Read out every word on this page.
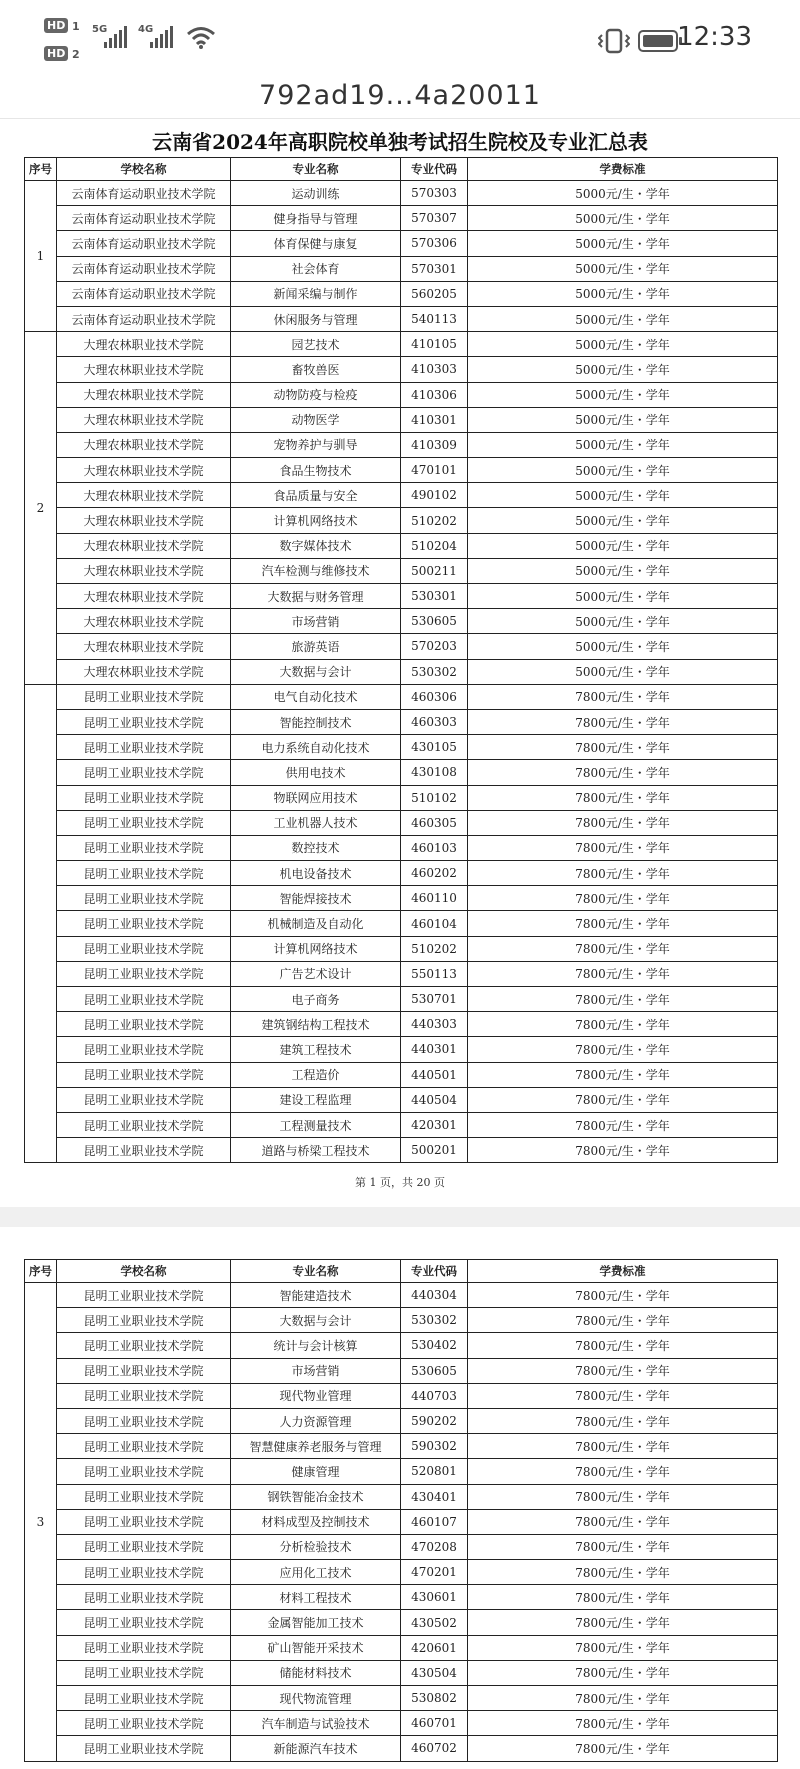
HD 1
HD 2
5G	4G	12:33
792ad19...4a20011
云南省2024年高职院校单独考试招生院校及专业汇总表
序号	学校名称	专业名称	专业代码	学费标准
1	云南体育运动职业技术学院	运动训练	570303	5000元/生・学年
	云南体育运动职业技术学院	健身指导与管理	570307	5000元/生・学年
	云南体育运动职业技术学院	体育保健与康复	570306	5000元/生・学年
	云南体育运动职业技术学院	社会体育	570301	5000元/生・学年
	云南体育运动职业技术学院	新闻采编与制作	560205	5000元/生・学年
	云南体育运动职业技术学院	休闲服务与管理	540113	5000元/生・学年
2	大理农林职业技术学院	园艺技术	410105	5000元/生・学年
	大理农林职业技术学院	畜牧兽医	410303	5000元/生・学年
	大理农林职业技术学院	动物防疫与检疫	410306	5000元/生・学年
	大理农林职业技术学院	动物医学	410301	5000元/生・学年
	大理农林职业技术学院	宠物养护与驯导	410309	5000元/生・学年
	大理农林职业技术学院	食品生物技术	470101	5000元/生・学年
	大理农林职业技术学院	食品质量与安全	490102	5000元/生・学年
	大理农林职业技术学院	计算机网络技术	510202	5000元/生・学年
	大理农林职业技术学院	数字媒体技术	510204	5000元/生・学年
	大理农林职业技术学院	汽车检测与维修技术	500211	5000元/生・学年
	大理农林职业技术学院	大数据与财务管理	530301	5000元/生・学年
	大理农林职业技术学院	市场营销	530605	5000元/生・学年
	大理农林职业技术学院	旅游英语	570203	5000元/生・学年
	大理农林职业技术学院	大数据与会计	530302	5000元/生・学年
	昆明工业职业技术学院	电气自动化技术	460306	7800元/生・学年
	昆明工业职业技术学院	智能控制技术	460303	7800元/生・学年
	昆明工业职业技术学院	电力系统自动化技术	430105	7800元/生・学年
	昆明工业职业技术学院	供用电技术	430108	7800元/生・学年
	昆明工业职业技术学院	物联网应用技术	510102	7800元/生・学年
	昆明工业职业技术学院	工业机器人技术	460305	7800元/生・学年
	昆明工业职业技术学院	数控技术	460103	7800元/生・学年
	昆明工业职业技术学院	机电设备技术	460202	7800元/生・学年
	昆明工业职业技术学院	智能焊接技术	460110	7800元/生・学年
	昆明工业职业技术学院	机械制造及自动化	460104	7800元/生・学年
	昆明工业职业技术学院	计算机网络技术	510202	7800元/生・学年
	昆明工业职业技术学院	广告艺术设计	550113	7800元/生・学年
	昆明工业职业技术学院	电子商务	530701	7800元/生・学年
	昆明工业职业技术学院	建筑钢结构工程技术	440303	7800元/生・学年
	昆明工业职业技术学院	建筑工程技术	440301	7800元/生・学年
	昆明工业职业技术学院	工程造价	440501	7800元/生・学年
	昆明工业职业技术学院	建设工程监理	440504	7800元/生・学年
	昆明工业职业技术学院	工程测量技术	420301	7800元/生・学年
	昆明工业职业技术学院	道路与桥梁工程技术	500201	7800元/生・学年
第 1 页，共 20 页
序号	学校名称	专业名称	专业代码	学费标准
3	昆明工业职业技术学院	智能建造技术	440304	7800元/生・学年
	昆明工业职业技术学院	大数据与会计	530302	7800元/生・学年
	昆明工业职业技术学院	统计与会计核算	530402	7800元/生・学年
	昆明工业职业技术学院	市场营销	530605	7800元/生・学年
	昆明工业职业技术学院	现代物业管理	440703	7800元/生・学年
	昆明工业职业技术学院	人力资源管理	590202	7800元/生・学年
	昆明工业职业技术学院	智慧健康养老服务与管理	590302	7800元/生・学年
	昆明工业职业技术学院	健康管理	520801	7800元/生・学年
	昆明工业职业技术学院	钢铁智能冶金技术	430401	7800元/生・学年
	昆明工业职业技术学院	材料成型及控制技术	460107	7800元/生・学年
	昆明工业职业技术学院	分析检验技术	470208	7800元/生・学年
	昆明工业职业技术学院	应用化工技术	470201	7800元/生・学年
	昆明工业职业技术学院	材料工程技术	430601	7800元/生・学年
	昆明工业职业技术学院	金属智能加工技术	430502	7800元/生・学年
	昆明工业职业技术学院	矿山智能开采技术	420601	7800元/生・学年
	昆明工业职业技术学院	储能材料技术	430504	7800元/生・学年
	昆明工业职业技术学院	现代物流管理	530802	7800元/生・学年
	昆明工业职业技术学院	汽车制造与试验技术	460701	7800元/生・学年
	昆明工业职业技术学院	新能源汽车技术	460702	7800元/生・学年
